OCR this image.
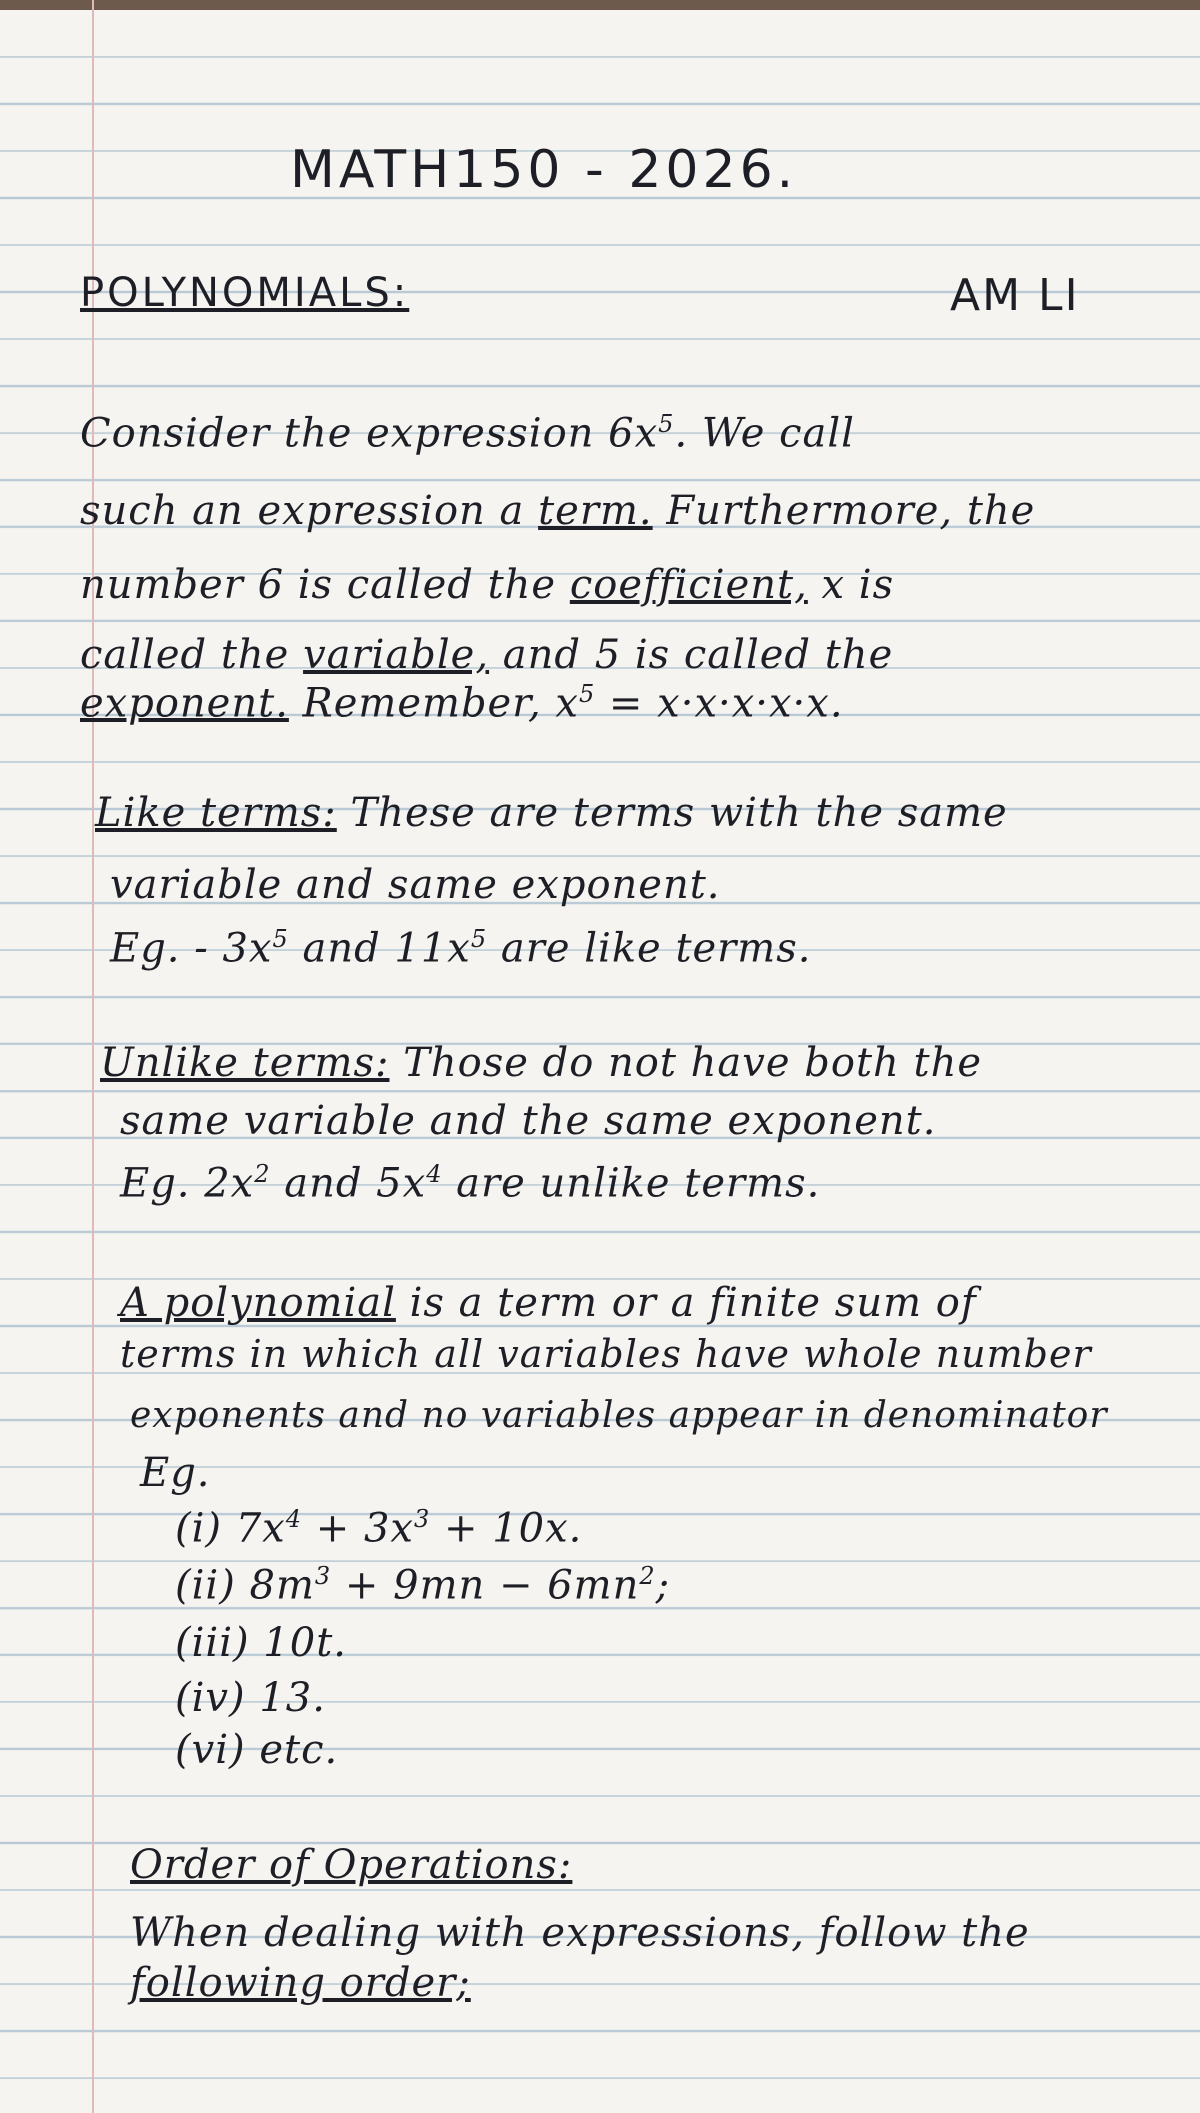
MATH150 - 2026.
POLYNOMIALS:	AM LI
Consider the expression $6x^5$. We call
such an expression a term. Furthermore, the
number 6 is called the coefficient, x is
called the variable, and 5 is called the
exponent. Remember, $x^5 = x\cdot x\cdot x\cdot x\cdot x$.
Like terms: These are terms with the same
variable and same exponent.
Eg. - $3x^5$ and $11x^5$ are like terms.
Unlike terms: Those do not have both the
same variable and the same exponent.
Eg. $2x^2$ and $5x^4$ are unlike terms.
A polynomial is a term or a finite sum of
terms in which all variables have whole number
exponents and no variables appear in denominator
Eg.
(i) $7x^4 + 3x^3 + 10x$.
(ii) $8m^3 + 9mn - 6mn^2$;
(iii) 10t.
(iv) 13.
(vi) etc.
Order of Operations:
When dealing with expressions, follow the
following order;
